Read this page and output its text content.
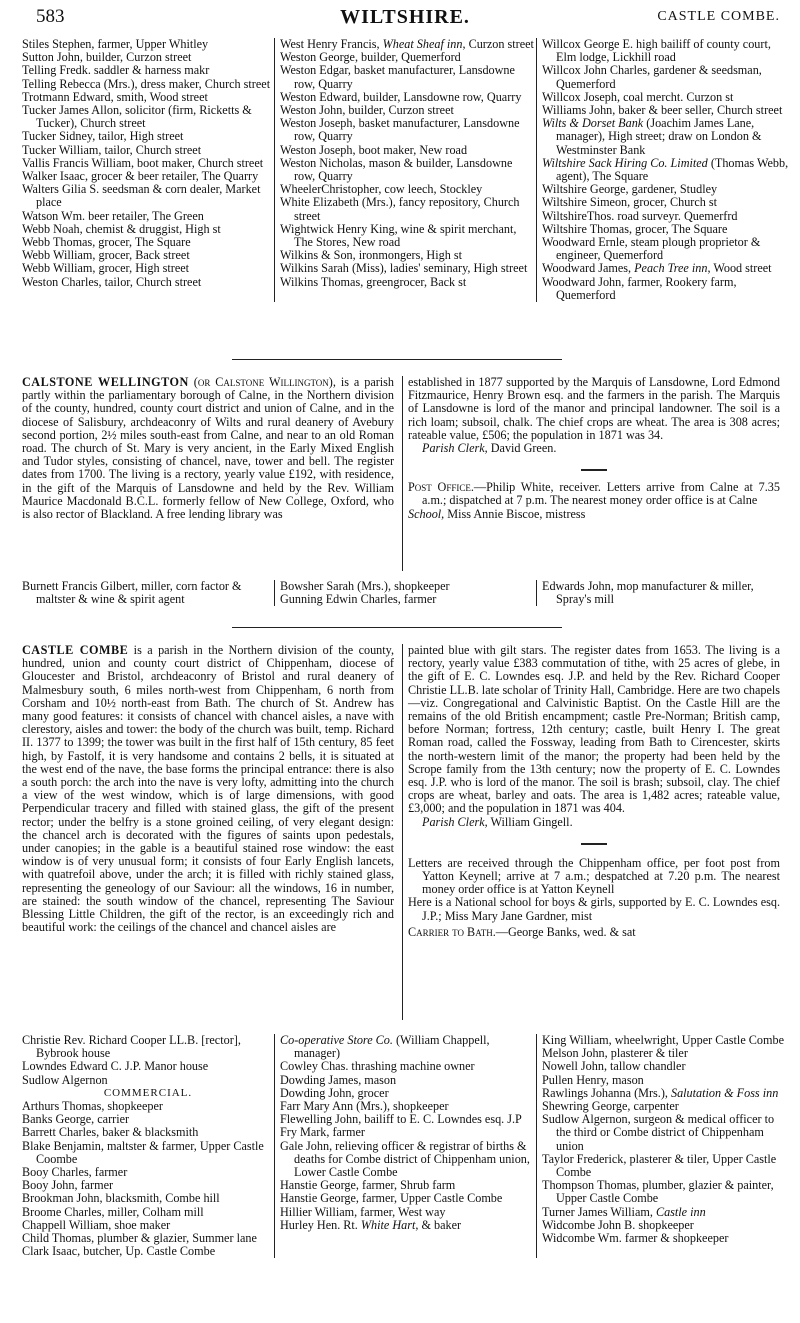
583	WILTSHIRE.	CASTLE COMBE.
Stiles Stephen, farmer, Upper Whitley
Sutton John, builder, Curzon street
Telling Fredk. saddler & harness makr
Telling Rebecca (Mrs.), dress maker, Church street
Trotmann Edward, smith, Wood street
Tucker James Allon, solicitor (firm, Ricketts & Tucker), Church street
Tucker Sidney, tailor, High street
Tucker William, tailor, Church street
Vallis Francis William, boot maker, Church street
Walker Isaac, grocer & beer retailer, The Quarry
Walters Gilia S. seedsman & corn dealer, Market place
Watson Wm. beer retailer, The Green
Webb Noah, chemist & druggist, High st
Webb Thomas, grocer, The Square
Webb William, grocer, Back street
Webb William, grocer, High street
Weston Charles, tailor, Church street
West Henry Francis, Wheat Sheaf inn, Curzon street
Weston George, builder, Quemerford
Weston Edgar, basket manufacturer, Lansdowne row, Quarry
Weston Edward, builder, Lansdowne row, Quarry
Weston John, builder, Curzon street
Weston Joseph, basket manufacturer, Lansdowne row, Quarry
Weston Joseph, boot maker, New road
Weston Nicholas, mason & builder, Lansdowne row, Quarry
WheelerChristopher, cow leech, Stockley
White Elizabeth (Mrs.), fancy repository, Church street
Wightwick Henry King, wine & spirit merchant, The Stores, New road
Wilkins & Son, ironmongers, High st
Wilkins Sarah (Miss), ladies' seminary, High street
Wilkins Thomas, greengrocer, Back st
Willcox George E. high bailiff of county court, Elm lodge, Lickhill road
Willcox John Charles, gardener & seedsman, Quemerford
Willcox Joseph, coal mercht. Curzon st
Williams John, baker & beer seller, Church street
Wilts & Dorset Bank (Joachim James Lane, manager), High street; draw on London & Westminster Bank
Wiltshire Sack Hiring Co. Limited (Thomas Webb, agent), The Square
Wiltshire George, gardener, Studley
Wiltshire Simeon, grocer, Church st
WiltshireThos. road surveyr. Quemerfrd
Wiltshire Thomas, grocer, The Square
Woodward Ernle, steam plough proprietor & engineer, Quemerford
Woodward James, Peach Tree inn, Wood street
Woodward John, farmer, Rookery farm, Quemerford
CALSTONE WELLINGTON (or Calstone Willington), is a parish partly within the parliamentary borough of Calne, in the Northern division of the county, hundred, county court district and union of Calne, and in the diocese of Salisbury, archdeaconry of Wilts and rural deanery of Avebury second portion, 2½ miles south-east from Calne, and near to an old Roman road. The church of St. Mary is very ancient, in the Early Mixed English and Tudor styles, consisting of chancel, nave, tower and bell. The register dates from 1700. The living is a rectory, yearly value £192, with residence, in the gift of the Marquis of Lansdowne and held by the Rev. William Maurice Macdonald B.C.L. formerly fellow of New College, Oxford, who is also rector of Blackland. A free lending library was
established in 1877 supported by the Marquis of Lansdowne, Lord Edmond Fitzmaurice, Henry Brown esq. and the farmers in the parish. The Marquis of Lansdowne is lord of the manor and principal landowner. The soil is a rich loam; subsoil, chalk. The chief crops are wheat. The area is 308 acres; rateable value, £506; the population in 1871 was 34.
Parish Clerk, David Green.
Post Office.—Philip White, receiver. Letters arrive from Calne at 7.35 a.m.; dispatched at 7 p.m. The nearest money order office is at Calne
School, Miss Annie Biscoe, mistress
Burnett Francis Gilbert, miller, corn factor & maltster & wine & spirit agent
Bowsher Sarah (Mrs.), shopkeeper
Gunning Edwin Charles, farmer
Edwards John, mop manufacturer & miller, Spray's mill
CASTLE COMBE is a parish in the Northern division of the county, hundred, union and county court district of Chippenham, diocese of Gloucester and Bristol, archdeaconry of Bristol and rural deanery of Malmesbury south, 6 miles north-west from Chippenham, 6 north from Corsham and 10½ north-east from Bath. The church of St. Andrew has many good features: it consists of chancel with chancel aisles, a nave with clerestory, aisles and tower: the body of the church was built, temp. Richard II. 1377 to 1399; the tower was built in the first half of 15th century, 85 feet high, by Fastolf, it is very handsome and contains 2 bells, it is situated at the west end of the nave, the base forms the principal entrance: there is also a south porch: the arch into the nave is very lofty, admitting into the church a view of the west window, which is of large dimensions, with good Perpendicular tracery and filled with stained glass, the gift of the present rector; under the belfry is a stone groined ceiling, of very elegant design: the chancel arch is decorated with the figures of saints upon pedestals, under canopies; in the gable is a beautiful stained rose window: the east window is of very unusual form; it consists of four Early English lancets, with quatrefoil above, under the arch; it is filled with richly stained glass, representing the geneology of our Saviour: all the windows, 16 in number, are stained: the south window of the chancel, representing The Saviour Blessing Little Children, the gift of the rector, is an exceedingly rich and beautiful work: the ceilings of the chancel and chancel aisles are
painted blue with gilt stars. The register dates from 1653. The living is a rectory, yearly value £383 commutation of tithe, with 25 acres of glebe, in the gift of E. C. Lowndes esq. J.P. and held by the Rev. Richard Cooper Christie LL.B. late scholar of Trinity Hall, Cambridge. Here are two chapels—viz. Congregational and Calvinistic Baptist. On the Castle Hill are the remains of the old British encampment; castle Pre-Norman; British camp, before Norman; fortress, 12th century; castle, built Henry I. The great Roman road, called the Fossway, leading from Bath to Cirencester, skirts the north-western limit of the manor; the property had been held by the Scrope family from the 13th century; now the property of E. C. Lowndes esq. J.P. who is lord of the manor. The soil is brash; subsoil, clay. The chief crops are wheat, barley and oats. The area is 1,482 acres; rateable value, £3,000; and the population in 1871 was 404.
Parish Clerk, William Gingell.
Letters are received through the Chippenham office, per foot post from Yatton Keynell; arrive at 7 a.m.; despatched at 7.20 p.m. The nearest money order office is at Yatton Keynell
Here is a National school for boys & girls, supported by E. C. Lowndes esq. J.P.; Miss Mary Jane Gardner, mist
Carrier to Bath.—George Banks, wed. & sat
Christie Rev. Richard Cooper LL.B. [rector], Bybrook house
Lowndes Edward C. J.P. Manor house
Sudlow Algernon
COMMERCIAL.
Arthurs Thomas, shopkeeper
Banks George, carrier
Barrett Charles, baker & blacksmith
Blake Benjamin, maltster & farmer, Upper Castle Coombe
Booy Charles, farmer
Booy John, farmer
Brookman John, blacksmith, Combe hill
Broome Charles, miller, Colham mill
Chappell William, shoe maker
Child Thomas, plumber & glazier, Summer lane
Clark Isaac, butcher, Up. Castle Combe
Co-operative Store Co. (William Chappell, manager)
Cowley Chas. thrashing machine owner
Dowding James, mason
Dowding John, grocer
Farr Mary Ann (Mrs.), shopkeeper
Flewelling John, bailiff to E. C. Lowndes esq. J.P
Fry Mark, farmer
Gale John, relieving officer & registrar of births & deaths for Combe district of Chippenham union, Lower Castle Combe
Hanstie George, farmer, Shrub farm
Hanstie George, farmer, Upper Castle Combe
Hillier William, farmer, West way
Hurley Hen. Rt. White Hart, & baker
King William, wheelwright, Upper Castle Combe
Melson John, plasterer & tiler
Nowell John, tallow chandler
Pullen Henry, mason
Rawlings Johanna (Mrs.), Salutation & Foss inn
Shewring George, carpenter
Sudlow Algernon, surgeon & medical officer to the third or Combe district of Chippenham union
Taylor Frederick, plasterer & tiler, Upper Castle Combe
Thompson Thomas, plumber, glazier & painter, Upper Castle Combe
Turner James William, Castle inn
Widcombe John B. shopkeeper
Widcombe Wm. farmer & shopkeeper
